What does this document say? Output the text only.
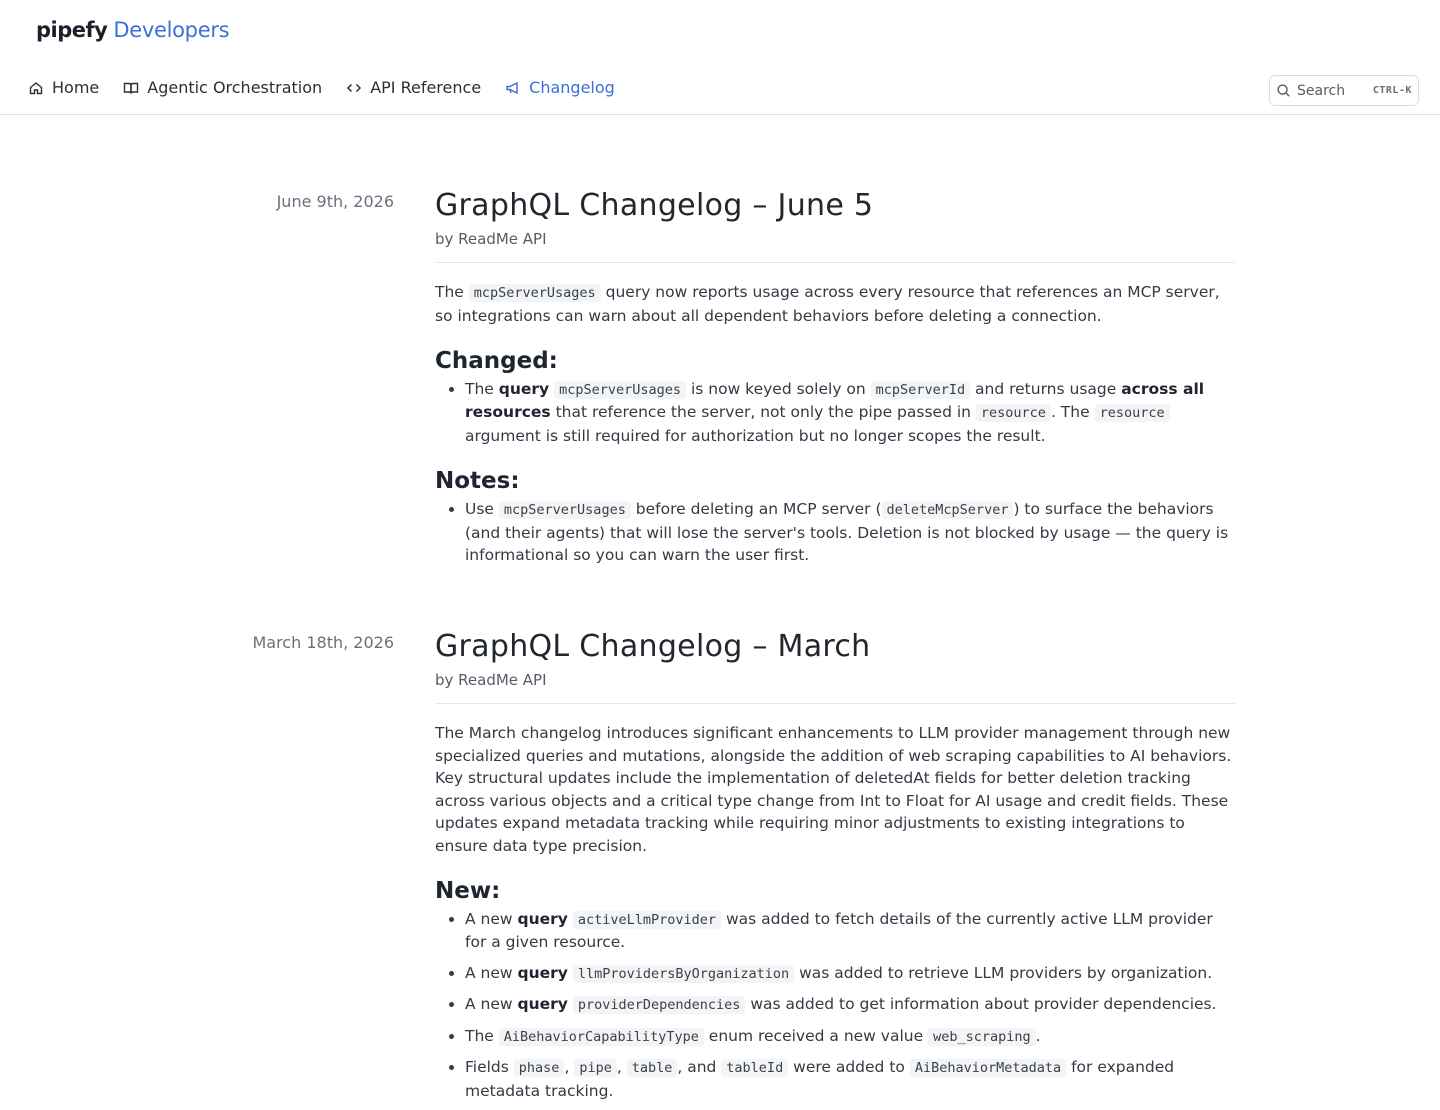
pipefy Developers
Home	Agentic Orchestration	API Reference	Changelog	Search	CTRL-K
June 9th, 2026 GraphQL Changelog – June 5
by ReadMe API

The mcpServerUsages query now reports usage across every resource that references an MCP server, so integrations can warn about all dependent behaviors before deleting a connection.

Changed:
• The query mcpServerUsages is now keyed solely on mcpServerId and returns usage across all resources that reference the server, not only the pipe passed in resource . The resource argument is still required for authorization but no longer scopes the result.
Notes:
• Use mcpServerUsages before deleting an MCP server ( deleteMcpServer ) to surface the behaviors (and their agents) that will lose the server's tools. Deletion is not blocked by usage — the query is informational so you can warn the user first.
March 18th, 2026 GraphQL Changelog – March
by ReadMe API

The March changelog introduces significant enhancements to LLM provider management through new specialized queries and mutations, alongside the addition of web scraping capabilities to AI behaviors. Key structural updates include the implementation of deletedAt fields for better deletion tracking across various objects and a critical type change from Int to Float for AI usage and credit fields. These updates expand metadata tracking while requiring minor adjustments to existing integrations to ensure data type precision.

New:
• A new query activeLlmProvider was added to fetch details of the currently active LLM provider for a given resource.
• A new query llmProvidersByOrganization was added to retrieve LLM providers by organization.
• A new query providerDependencies was added to get information about provider dependencies.
• The AiBehaviorCapabilityType enum received a new value web_scraping .
• Fields phase , pipe , table , and tableId were added to AiBehaviorMetadata for expanded metadata tracking.
